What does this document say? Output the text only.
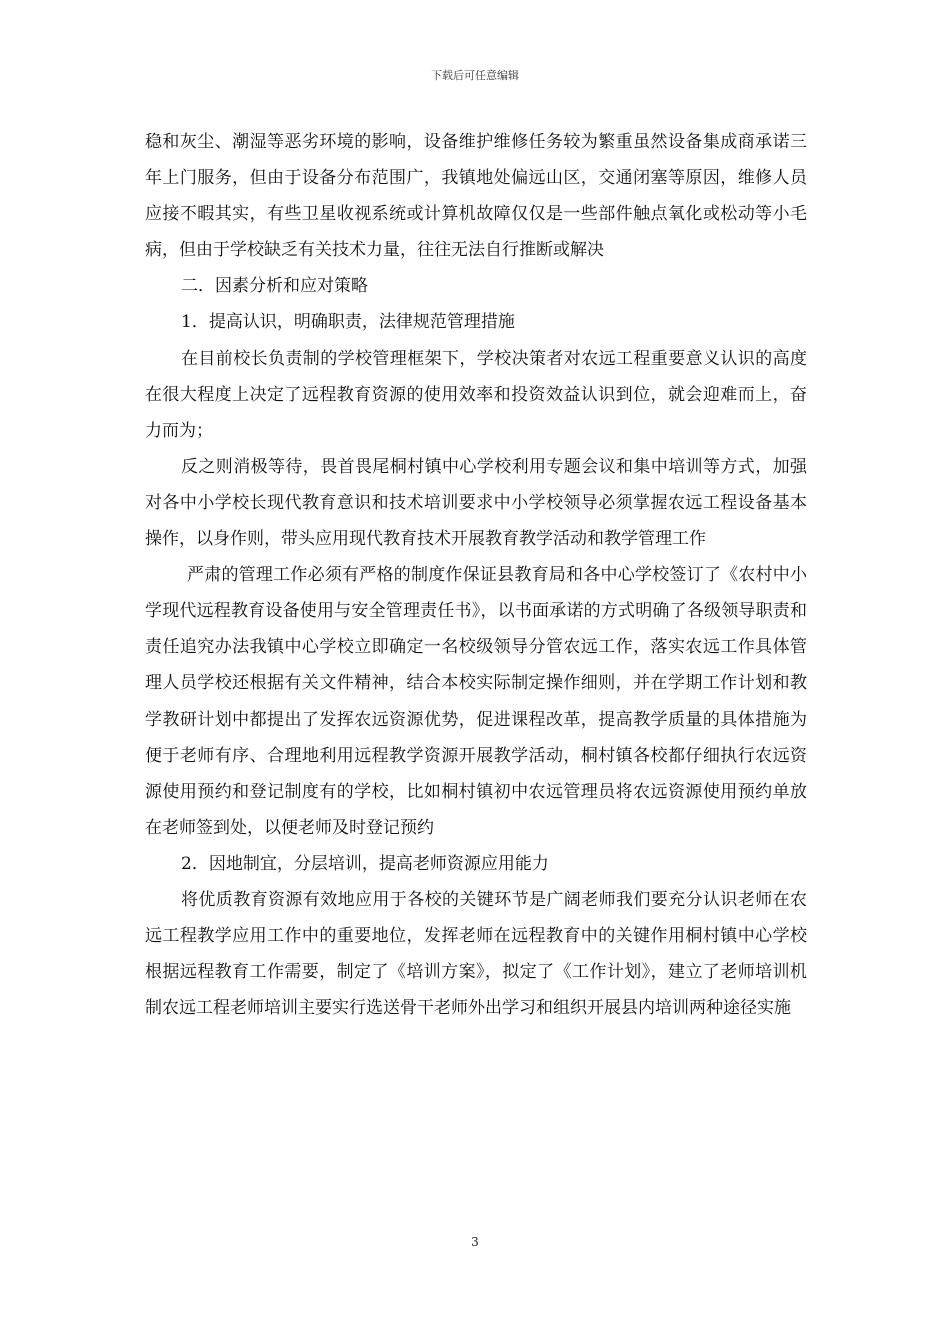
下载后可任意编辑

稳和灰尘、潮湿等恶劣环境的影响，设备维护维修任务较为繁重虽然设备集成商承诺三年上门服务，但由于设备分布范围广，我镇地处偏远山区，交通闭塞等原因，维修人员应接不暇其实，有些卫星收视系统或计算机故障仅仅是一些部件触点氧化或松动等小毛病，但由于学校缺乏有关技术力量，往往无法自行推断或解决

二．因素分析和应对策略

1．提高认识，明确职责，法律规范管理措施

在目前校长负责制的学校管理框架下，学校决策者对农远工程重要意义认识的高度在很大程度上决定了远程教育资源的使用效率和投资效益认识到位，就会迎难而上，奋力而为；

反之则消极等待，畏首畏尾桐村镇中心学校利用专题会议和集中培训等方式，加强对各中小学校长现代教育意识和技术培训要求中小学校领导必须掌握农远工程设备基本操作，以身作则，带头应用现代教育技术开展教育教学活动和教学管理工作

严肃的管理工作必须有严格的制度作保证县教育局和各中心学校签订了《农村中小学现代远程教育设备使用与安全管理责任书》，以书面承诺的方式明确了各级领导职责和责任追究办法我镇中心学校立即确定一名校级领导分管农远工作，落实农远工作具体管理人员学校还根据有关文件精神，结合本校实际制定操作细则，并在学期工作计划和教学教研计划中都提出了发挥农远资源优势，促进课程改革，提高教学质量的具体措施为便于老师有序、合理地利用远程教学资源开展教学活动，桐村镇各校都仔细执行农远资源使用预约和登记制度有的学校，比如桐村镇初中农远管理员将农远资源使用预约单放在老师签到处，以便老师及时登记预约

2．因地制宜，分层培训，提高老师资源应用能力

将优质教育资源有效地应用于各校的关键环节是广阔老师我们要充分认识老师在农远工程教学应用工作中的重要地位，发挥老师在远程教育中的关键作用桐村镇中心学校根据远程教育工作需要，制定了《培训方案》，拟定了《工作计划》，建立了老师培训机制农远工程老师培训主要实行选送骨干老师外出学习和组织开展县内培训两种途径实施

3
